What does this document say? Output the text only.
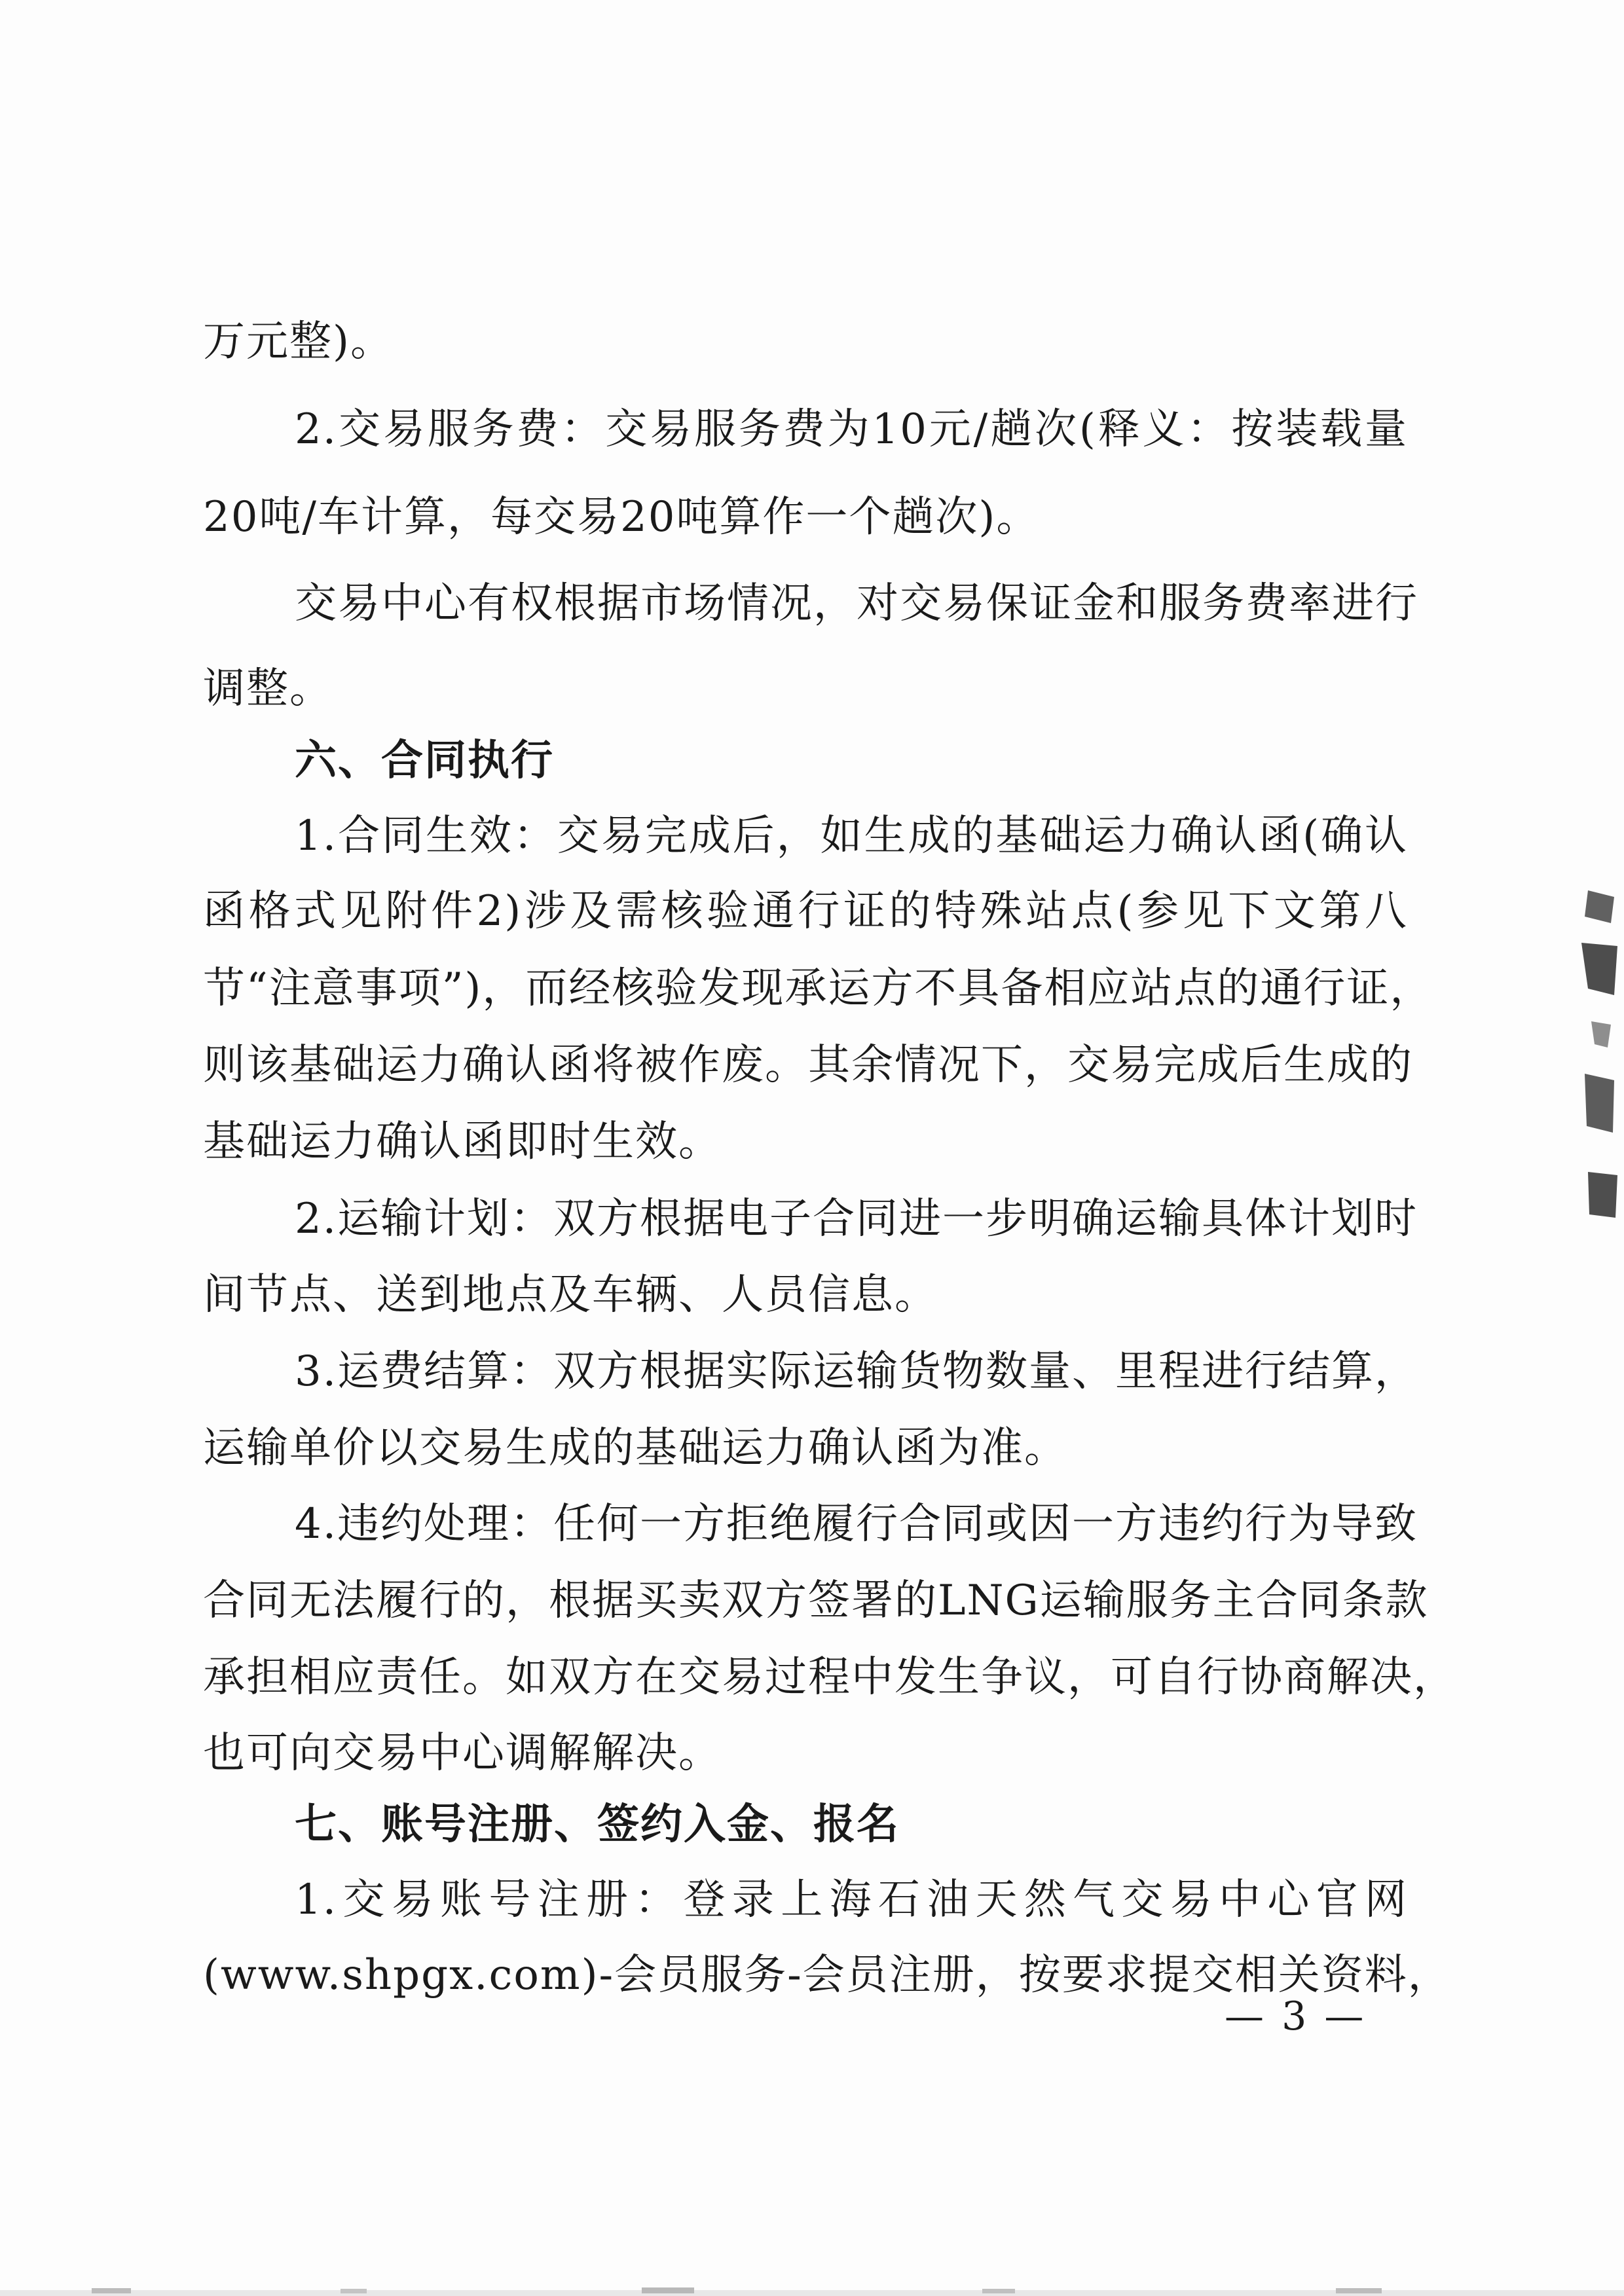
万元整)。
2.交易服务费：交易服务费为10元/趟次(释义：按装载量
20吨/车计算，每交易20吨算作一个趟次)。
交易中心有权根据市场情况，对交易保证金和服务费率进行
调整。
六、合同执行
1.合同生效：交易完成后，如生成的基础运力确认函(确认
函格式见附件2)涉及需核验通行证的特殊站点(参见下文第八
节“注意事项”)，而经核验发现承运方不具备相应站点的通行证，
则该基础运力确认函将被作废。其余情况下，交易完成后生成的
基础运力确认函即时生效。
2.运输计划：双方根据电子合同进一步明确运输具体计划时
间节点、送到地点及车辆、人员信息。
3.运费结算：双方根据实际运输货物数量、里程进行结算，
运输单价以交易生成的基础运力确认函为准。
4.违约处理：任何一方拒绝履行合同或因一方违约行为导致
合同无法履行的，根据买卖双方签署的LNG运输服务主合同条款
承担相应责任。如双方在交易过程中发生争议，可自行协商解决，
也可向交易中心调解解决。
七、账号注册、签约入金、报名
1.交易账号注册：登录上海石油天然气交易中心官网
(www.shpgx.com)-会员服务-会员注册，按要求提交相关资料，
— 3 —
